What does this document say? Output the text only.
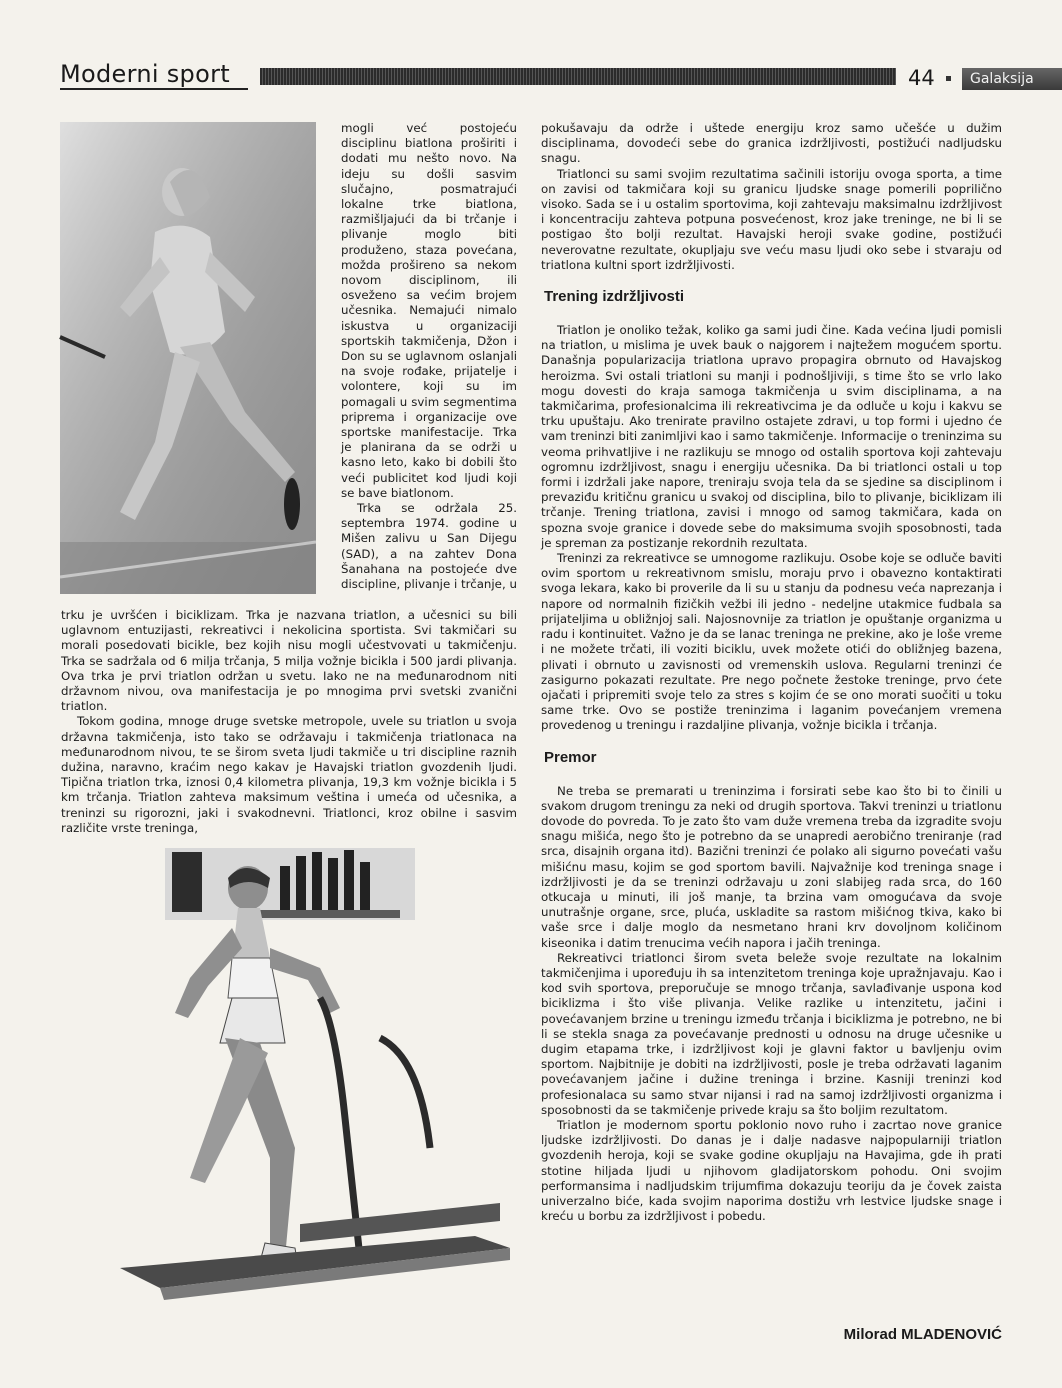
Moderni sport	44	Galaksija

mogli već postojeću disciplinu biatlona proširiti i dodati mu nešto novo. Na ideju su došli sasvim slučajno, posmatrajući lokalne trke biatlona, razmišljajući da bi trčanje i plivanje moglo biti produženo, staza povećana, možda prošireno sa nekom novom disciplinom, ili osveženo sa većim brojem učesnika. Nemajući nimalo iskustva u organizaciji sportskih takmičenja, Džon i Don su se uglavnom oslanjali na svoje rođake, prijatelje i volontere, koji su im pomagali u svim segmentima priprema i organizacije ove sportske manifestacije. Trka je planirana da se održi u kasno leto, kako bi dobili što veći publicitet kod ljudi koji se bave biatlonom.

Trka se održala 25. septembra 1974. godine u Mišen zalivu u San Dijegu (SAD), a na zahtev Dona Šanahana na postojeće dve discipline, plivanje i trčanje, u

trku je uvršćen i biciklizam. Trka je nazvana triatlon, a učesnici su bili uglavnom entuzijasti, rekreativci i nekolicina sportista. Svi takmičari su morali posedovati bicikle, bez kojih nisu mogli učestvovati u takmičenju. Trka se sadržala od 6 milja trčanja, 5 milja vožnje bicikla i 500 jardi plivanja. Ova trka je prvi triatlon održan u svetu. Iako ne na međunarodnom niti državnom nivou, ova manifestacija je po mnogima prvi svetski zvanični triatlon.

Tokom godina, mnoge druge svetske metropole, uvele su triatlon u svoja državna takmičenja, isto tako se održavaju i takmičenja triatlonaca na međunarodnom nivou, te se širom sveta ljudi takmiče u tri discipline raznih dužina, naravno, kraćim nego kakav je Havajski triatlon gvozdenih ljudi. Tipična triatlon trka, iznosi 0,4 kilometra plivanja, 19,3 km vožnje bicikla i 5 km trčanja. Triatlon zahteva maksimum veština i umeća od učesnika, a treninzi su rigorozni, jaki i svakodnevni. Triatlonci, kroz obilne i sasvim različite vrste treninga,

pokušavaju da održe i uštede energiju kroz samo učešće u dužim disciplinama, dovodeći sebe do granica izdržljivosti, postižući nadljudsku snagu.

Triatlonci su sami svojim rezultatima sačinili istoriju ovoga sporta, a time on zavisi od takmičara koji su granicu ljudske snage pomerili poprilično visoko. Sada se i u ostalim sportovima, koji zahtevaju maksimalnu izdržljivost i koncentraciju zahteva potpuna posvećenost, kroz jake treninge, ne bi li se postigao što bolji rezultat. Havajski heroji svake godine, postižući neverovatne rezultate, okupljaju sve veću masu ljudi oko sebe i stvaraju od triatlona kultni sport izdržljivosti.

Trening izdržljivosti

Triatlon je onoliko težak, koliko ga sami judi čine. Kada većina ljudi pomisli na triatlon, u mislima je uvek bauk o najgorem i najtežem mogućem sportu. Današnja popularizacija triatlona upravo propagira obrnuto od Havajskog heroizma. Svi ostali triatloni su manji i podnošljiviji, s time što se vrlo lako mogu dovesti do kraja samoga takmičenja u svim disciplinama, a na takmičarima, profesionalcima ili rekreativcima je da odluče u koju i kakvu se trku upuštaju. Ako trenirate pravilno ostajete zdravi, u top formi i ujedno će vam treninzi biti zanimljivi kao i samo takmičenje. Informacije o treninzima su veoma prihvatljive i ne razlikuju se mnogo od ostalih sportova koji zahtevaju ogromnu izdržljivost, snagu i energiju učesnika. Da bi triatlonci ostali u top formi i izdržali jake napore, treniraju svoja tela da se sjedine sa disciplinom i prevaziđu kritičnu granicu u svakoj od disciplina, bilo to plivanje, biciklizam ili trčanje. Trening triatlona, zavisi i mnogo od samog takmičara, kada on spozna svoje granice i dovede sebe do maksimuma svojih sposobnosti, tada je spreman za postizanje rekordnih rezultata.

Treninzi za rekreativce se umnogome razlikuju. Osobe koje se odluče baviti ovim sportom u rekreativnom smislu, moraju prvo i obavezno kontaktirati svoga lekara, kako bi proverile da li su u stanju da podnesu veća naprezanja i napore od normalnih fizičkih vežbi ili jedno - nedeljne utakmice fudbala sa prijateljima u obližnjoj sali. Najosnovnije za triatlon je opuštanje organizma u radu i kontinuitet. Važno je da se lanac treninga ne prekine, ako je loše vreme i ne možete trčati, ili voziti biciklu, uvek možete otići do obližnjeg bazena, plivati i obrnuto u zavisnosti od vremenskih uslova. Regularni treninzi će zasigurno pokazati rezultate. Pre nego počnete žestoke treninge, prvo ćete ojačati i pripremiti svoje telo za stres s kojim će se ono morati suočiti u toku same trke. Ovo se postiže treninzima i laganim povećanjem vremena provedenog u treningu i razdaljine plivanja, vožnje bicikla i trčanja.

Premor

Ne treba se premarati u treninzima i forsirati sebe kao što bi to činili u svakom drugom treningu za neki od drugih sportova. Takvi treninzi u triatlonu dovode do povreda. To je zato što vam duže vremena treba da izgradite svoju snagu mišića, nego što je potrebno da se unapredi aerobično treniranje (rad srca, disajnih organa itd). Bazični treninzi će polako ali sigurno povećati vašu mišićnu masu, kojim se god sportom bavili. Najvažnije kod treninga snage i izdržljivosti je da se treninzi održavaju u zoni slabijeg rada srca, do 160 otkucaja u minuti, ili još manje, ta brzina vam omogućava da svoje unutrašnje organe, srce, pluća, uskladite sa rastom mišićnog tkiva, kako bi vaše srce i dalje moglo da nesmetano hrani krv dovoljnom količinom kiseonika i datim trenucima većih napora i jačih treninga.

Rekreativci triatlonci širom sveta beleže svoje rezultate na lokalnim takmičenjima i upoređuju ih sa intenzitetom treninga koje upražnjavaju. Kao i kod svih sportova, preporučuje se mnogo trčanja, savlađivanje uspona kod biciklizma i što više plivanja. Velike razlike u intenzitetu, jačini i povećavanjem brzine u treningu između trčanja i biciklizma je potrebno, ne bi li se stekla snaga za povećavanje prednosti u odnosu na druge učesnike u dugim etapama trke, i izdržljivost koji je glavni faktor u bavljenju ovim sportom. Najbitnije je dobiti na izdržljivosti, posle je treba održavati laganim povećavanjem jačine i dužine treninga i brzine. Kasniji treninzi kod profesionalaca su samo stvar nijansi i rad na samoj izdržljivosti organizma i sposobnosti da se takmičenje privede kraju sa što boljim rezultatom.

Triatlon je modernom sportu poklonio novo ruho i zacrtao nove granice ljudske izdržljivosti. Do danas je i dalje nadasve najpopularniji triatlon gvozdenih heroja, koji se svake godine okupljaju na Havajima, gde ih prati stotine hiljada ljudi u njihovom gladijatorskom pohodu. Oni svojim performansima i nadljudskim trijumfima dokazuju teoriju da je čovek zaista univerzalno biće, kada svojim naporima dostižu vrh lestvice ljudske snage i kreću u borbu za izdržljivost i pobedu.

Milorad MLADENOVIĆ
